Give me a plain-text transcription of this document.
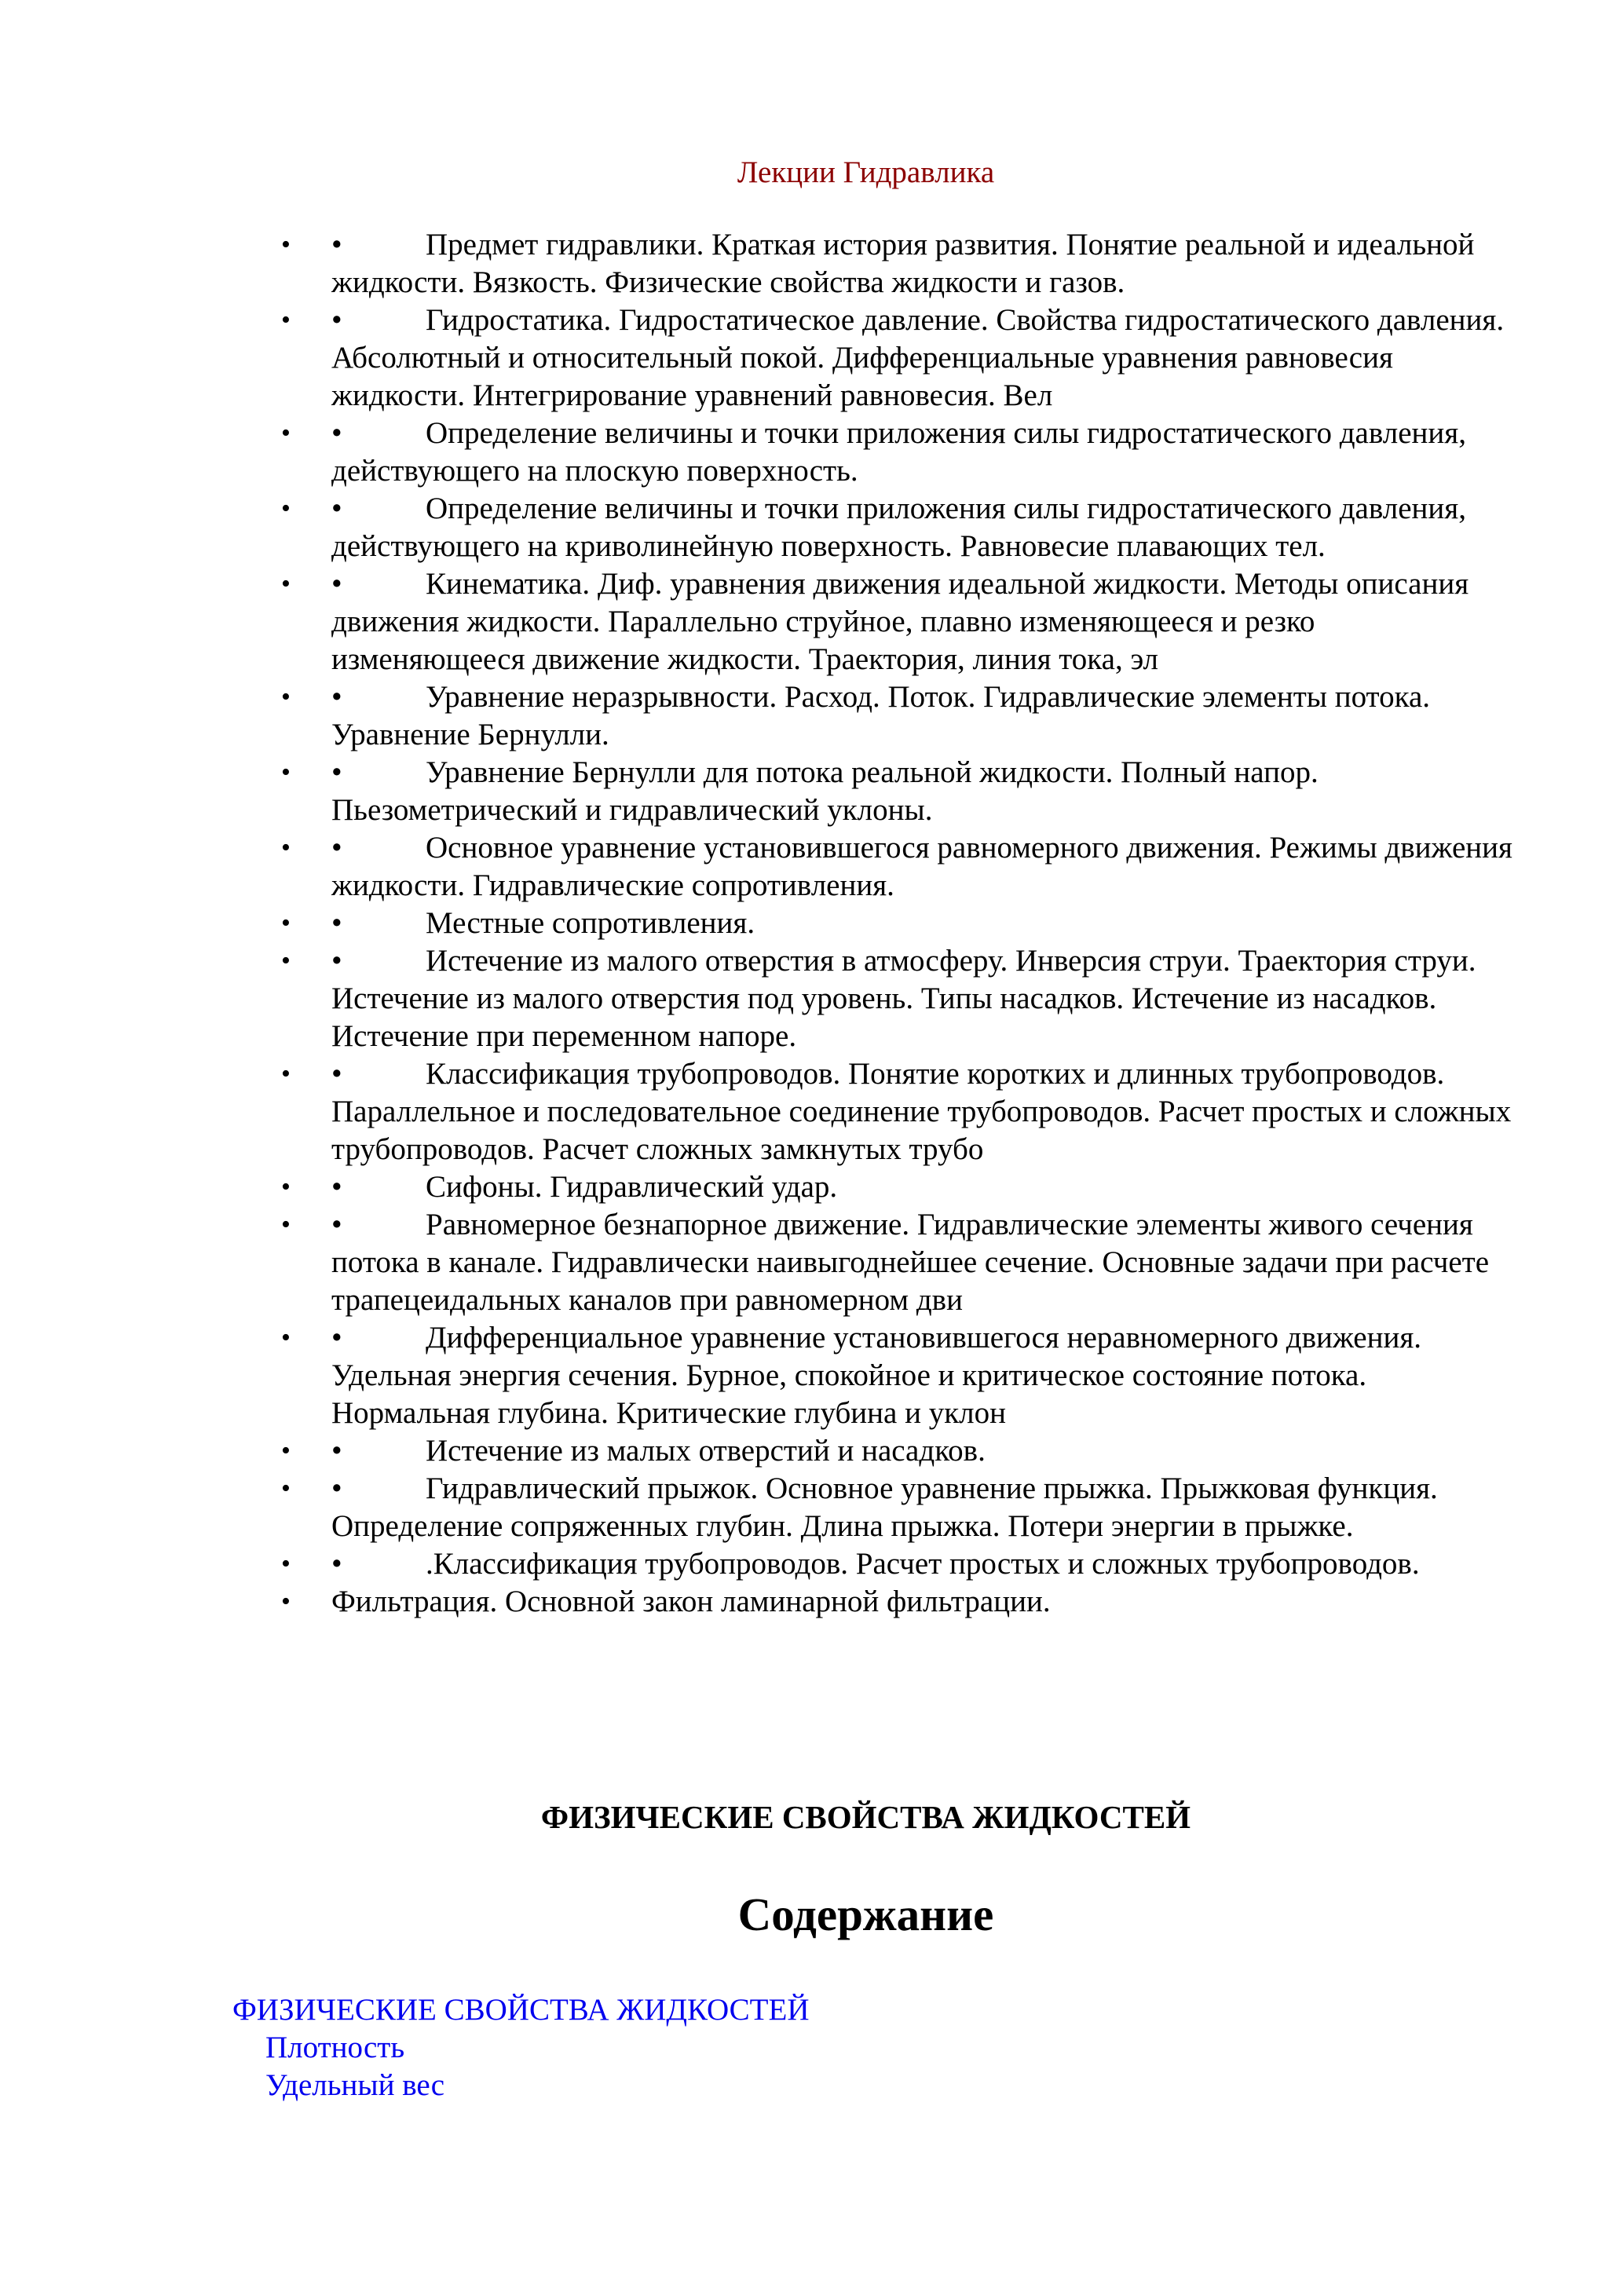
Лекции Гидравлика
• •	Предмет гидравлики. Краткая история развития. Понятие реальной и идеальной жидкости. Вязкость. Физические свойства жидкости и газов.
• •	Гидростатика. Гидростатическое давление. Свойства гидростатического давления. Абсолютный и относительный покой. Дифференциальные уравнения равновесия жидкости. Интегрирование уравнений равновесия. Вел
• •	Определение величины и точки приложения силы гидростатического давления, действующего на плоскую поверхность.
• •	Определение величины и точки приложения силы гидростатического давления, действующего на криволинейную поверхность. Равновесие плавающих тел.
• •	Кинематика. Диф. уравнения движения идеальной жидкости. Методы описания движения жидкости. Параллельно струйное, плавно изменяющееся и резко изменяющееся движение жидкости. Траектория, линия тока, эл
• •	Уравнение неразрывности. Расход. Поток. Гидравлические элементы потока. Уравнение Бернулли.
• •	Уравнение Бернулли для потока реальной жидкости. Полный напор. Пьезометрический и гидравлический уклоны.
• •	Основное уравнение установившегося равномерного движения. Режимы движения жидкости. Гидравлические сопротивления.
• •	Местные сопротивления.
• •	Истечение из малого отверстия в атмосферу. Инверсия струи. Траектория струи. Истечение из малого отверстия под уровень. Типы насадков. Истечение из насадков. Истечение при переменном напоре.
• •	Классификация трубопроводов. Понятие коротких и длинных трубопроводов. Параллельное и последовательное соединение трубопроводов. Расчет простых и сложных трубопроводов. Расчет сложных замкнутых трубо
• •	Сифоны. Гидравлический удар.
• •	Равномерное безнапорное движение. Гидравлические элементы живого сечения потока в канале. Гидравлически наивыгоднейшее сечение. Основные задачи при расчете трапецеидальных каналов при равномерном дви
• •	Дифференциальное уравнение установившегося неравномерного движения. Удельная энергия сечения. Бурное, спокойное и критическое состояние потока. Нормальная глубина. Критические глубина и уклон
• •	Истечение из малых отверстий и насадков.
• •	Гидравлический прыжок. Основное уравнение прыжка. Прыжковая функция. Определение сопряженных глубин. Длина прыжка. Потери энергии в прыжке.
• •	.Классификация трубопроводов. Расчет простых и сложных трубопроводов.
• Фильтрация. Основной закон ламинарной фильтрации.
ФИЗИЧЕСКИЕ СВОЙСТВА ЖИДКОСТЕЙ
Содержание
ФИЗИЧЕСКИЕ СВОЙСТВА ЖИДКОСТЕЙ
Плотность
Удельный вес
